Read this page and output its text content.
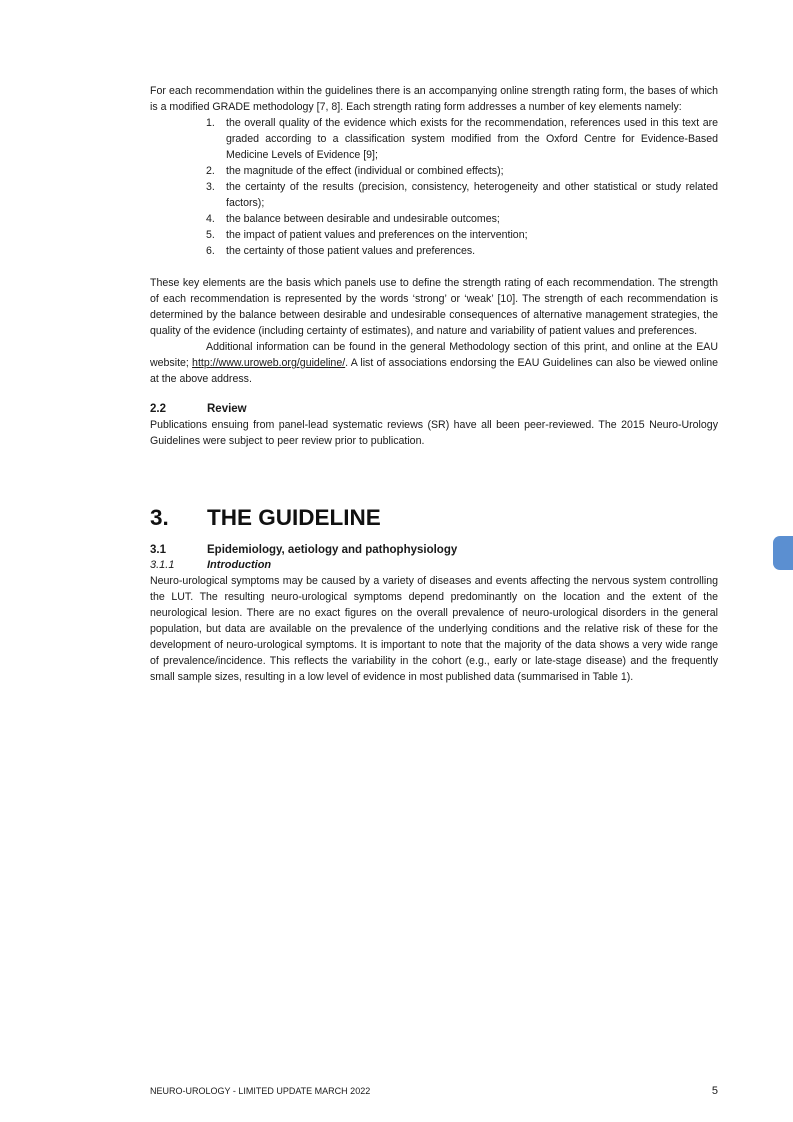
For each recommendation within the guidelines there is an accompanying online strength rating form, the bases of which is a modified GRADE methodology [7, 8]. Each strength rating form addresses a number of key elements namely:

1. the overall quality of the evidence which exists for the recommendation, references used in this text are graded according to a classification system modified from the Oxford Centre for Evidence-Based Medicine Levels of Evidence [9];
2. the magnitude of the effect (individual or combined effects);
3. the certainty of the results (precision, consistency, heterogeneity and other statistical or study related factors);
4. the balance between desirable and undesirable outcomes;
5. the impact of patient values and preferences on the intervention;
6. the certainty of those patient values and preferences.

These key elements are the basis which panels use to define the strength rating of each recommendation. The strength of each recommendation is represented by the words ‘strong’ or ‘weak’ [10]. The strength of each recommendation is determined by the balance between desirable and undesirable consequences of alternative management strategies, the quality of the evidence (including certainty of estimates), and nature and variability of patient values and preferences.

Additional information can be found in the general Methodology section of this print, and online at the EAU website; http://www.uroweb.org/guideline/. A list of associations endorsing the EAU Guidelines can also be viewed online at the above address.

2.2	Review

Publications ensuing from panel-lead systematic reviews (SR) have all been peer-reviewed. The 2015 Neuro-Urology Guidelines were subject to peer review prior to publication.

3.	THE GUIDELINE
3.1	Epidemiology, aetiology and pathophysiology
3.1.1	Introduction

Neuro-urological symptoms may be caused by a variety of diseases and events affecting the nervous system controlling the LUT. The resulting neuro-urological symptoms depend predominantly on the location and the extent of the neurological lesion. There are no exact figures on the overall prevalence of neuro-urological disorders in the general population, but data are available on the prevalence of the underlying conditions and the relative risk of these for the development of neuro-urological symptoms. It is important to note that the majority of the data shows a very wide range of prevalence/incidence. This reflects the variability in the cohort (e.g., early or late-stage disease) and the frequently small sample sizes, resulting in a low level of evidence in most published data (summarised in Table 1).

NEURO-UROLOGY - LIMITED UPDATE MARCH 2022	5
